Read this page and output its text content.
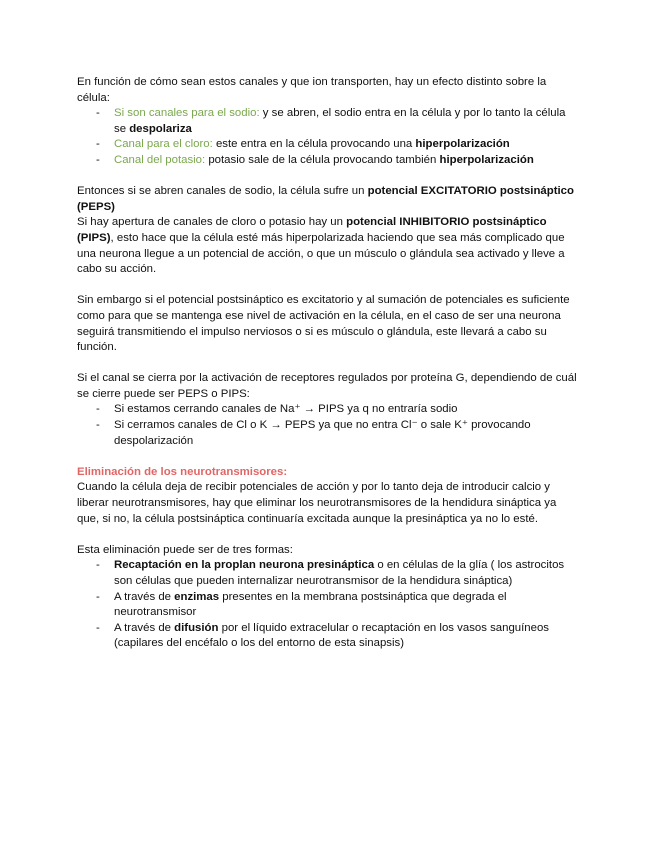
En función de cómo sean estos canales y que ion transporten, hay un efecto distinto sobre la célula:

- Si son canales para el sodio: y se abren, el sodio entra en la célula y por lo tanto la célula se despolariza
- Canal para el cloro: este entra en la célula provocando una hiperpolarización
- Canal del potasio: potasio sale de la célula provocando también hiperpolarización

Entonces si se abren canales de sodio, la célula sufre un potencial EXCITATORIO postsináptico (PEPS)

Si hay apertura de canales de cloro o potasio hay un potencial INHIBITORIO postsináptico (PIPS), esto hace que la célula esté más hiperpolarizada haciendo que sea más complicado que una neurona llegue a un potencial de acción, o que un músculo o glándula sea activado y lleve a cabo su acción.

Sin embargo si el potencial postsináptico es excitatorio y al sumación de potenciales es suficiente como para que se mantenga ese nivel de activación en la célula, en el caso de ser una neurona seguirá transmitiendo el impulso nerviosos o si es músculo o glándula, este llevará a cabo su función.

Si el canal se cierra por la activación de receptores regulados por proteína G, dependiendo de cuál se cierre puede ser PEPS o PIPS:

- Si estamos cerrando canales de Na⁺ → PIPS ya q no entraría sodio
- Si cerramos canales de Cl o K → PEPS ya que no entra Cl⁻ o sale K⁺ provocando despolarización

Eliminación de los neurotransmisores:

Cuando la célula deja de recibir potenciales de acción y por lo tanto deja de introducir calcio y liberar neurotransmisores, hay que eliminar los neurotransmisores de la hendidura sináptica ya que, si no, la célula postsináptica continuaría excitada aunque la presináptica ya no lo esté.

Esta eliminación puede ser de tres formas:

- Recaptación en la proplan neurona presináptica o en células de la glía ( los astrocitos son células que pueden internalizar neurotransmisor de la hendidura sináptica)
- A través de enzimas presentes en la membrana postsináptica que degrada el neurotransmisor
- A través de difusión por el líquido extracelular o recaptación en los vasos sanguíneos (capilares del encéfalo o los del entorno de esta sinapsis)
